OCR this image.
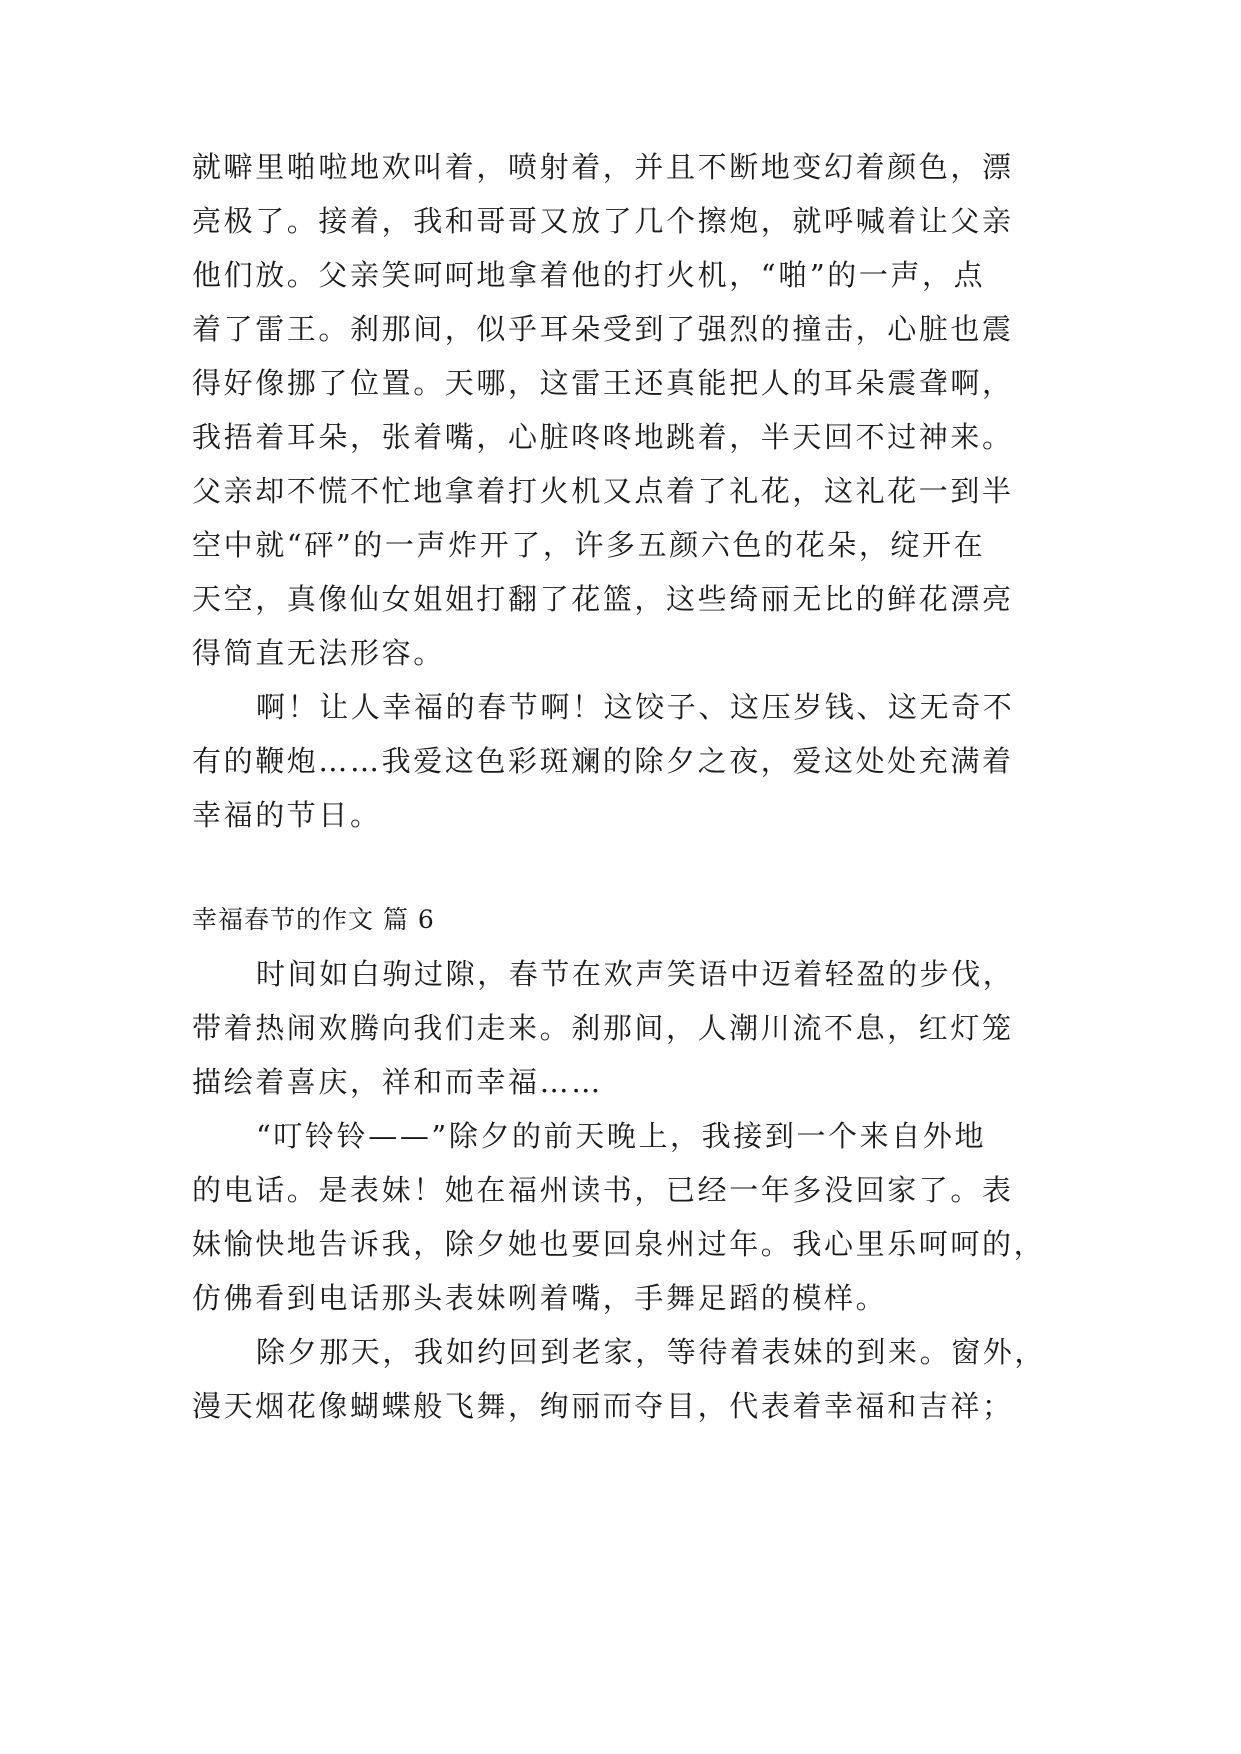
就噼里啪啦地欢叫着，喷射着，并且不断地变幻着颜色，漂
亮极了。接着，我和哥哥又放了几个擦炮，就呼喊着让父亲
他们放。父亲笑呵呵地拿着他的打火机，“啪”的一声，点
着了雷王。刹那间，似乎耳朵受到了强烈的撞击，心脏也震
得好像挪了位置。天哪，这雷王还真能把人的耳朵震聋啊，
我捂着耳朵，张着嘴，心脏咚咚地跳着，半天回不过神来。
父亲却不慌不忙地拿着打火机又点着了礼花，这礼花一到半
空中就“砰”的一声炸开了，许多五颜六色的花朵，绽开在
天空，真像仙女姐姐打翻了花篮，这些绮丽无比的鲜花漂亮
得简直无法形容。
啊！让人幸福的春节啊！这饺子、这压岁钱、这无奇不
有的鞭炮……我爱这色彩斑斓的除夕之夜，爱这处处充满着
幸福的节日。
幸福春节的作文 篇 6
时间如白驹过隙，春节在欢声笑语中迈着轻盈的步伐，
带着热闹欢腾向我们走来。刹那间，人潮川流不息，红灯笼
描绘着喜庆，祥和而幸福……
“叮铃铃——”除夕的前天晚上，我接到一个来自外地
的电话。是表妹！她在福州读书，已经一年多没回家了。表
妹愉快地告诉我，除夕她也要回泉州过年。我心里乐呵呵的，
仿佛看到电话那头表妹咧着嘴，手舞足蹈的模样。
除夕那天，我如约回到老家，等待着表妹的到来。窗外，
漫天烟花像蝴蝶般飞舞，绚丽而夺目，代表着幸福和吉祥；
